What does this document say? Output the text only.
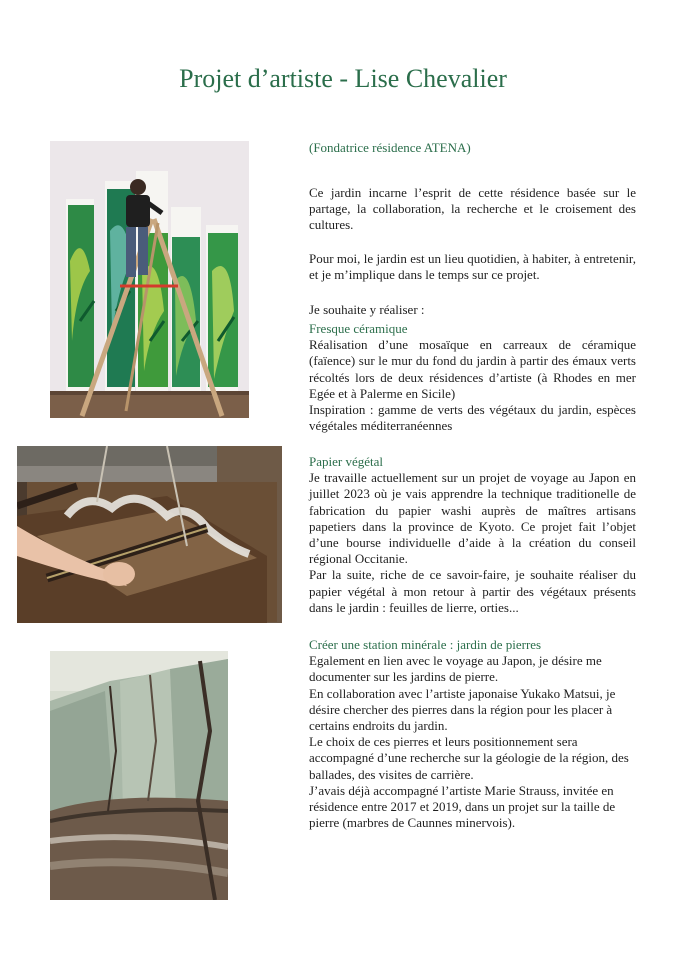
Projet d’artiste - Lise Chevalier
(Fondatrice résidence ATENA)

Ce jardin incarne l’esprit de cette résidence basée sur le partage, la collaboration, la recherche et le croisement des cultures.

Pour moi, le jardin est un lieu quotidien, à habiter, à entretenir, et je m’implique dans le temps sur ce projet.

Je souhaite y réaliser :

Fresque céramique

Réalisation d’une mosaïque en carreaux de céramique (faïence) sur le mur du fond du jardin à partir des émaux verts récoltés lors de deux résidences d’artiste (à Rhodes en mer Egée et à Palerme en Sicile)

Inspiration : gamme de verts des végétaux du jardin, espèces végétales méditerranéennes

Papier végétal

Je travaille actuellement sur un projet de voyage au Japon en juillet 2023 où je vais apprendre la technique traditionelle de fabrication du papier washi auprès de maîtres artisans papetiers dans la province de Kyoto. Ce projet fait l’objet d’une bourse individuelle d’aide à la création du conseil régional Occitanie.

Par la suite, riche de ce savoir-faire, je souhaite réaliser du papier végétal à mon retour à partir des végétaux présents dans le jardin : feuilles de lierre, orties...

Créer une station minérale : jardin de pierres

Egalement en lien avec le voyage au Japon, je désire me documenter sur les jardins de pierre.

En collaboration avec l’artiste japonaise Yukako Matsui, je désire chercher des pierres dans la région pour les placer à certains endroits du jardin.

Le choix de ces pierres et leurs positionnement sera accompagné d’une recherche sur la géologie de la région, des ballades, des visites de carrière.

J’avais déjà accompagné l’artiste Marie Strauss, invitée en résidence entre 2017 et 2019, dans un projet sur la taille de pierre (marbres de Caunnes minervois).
